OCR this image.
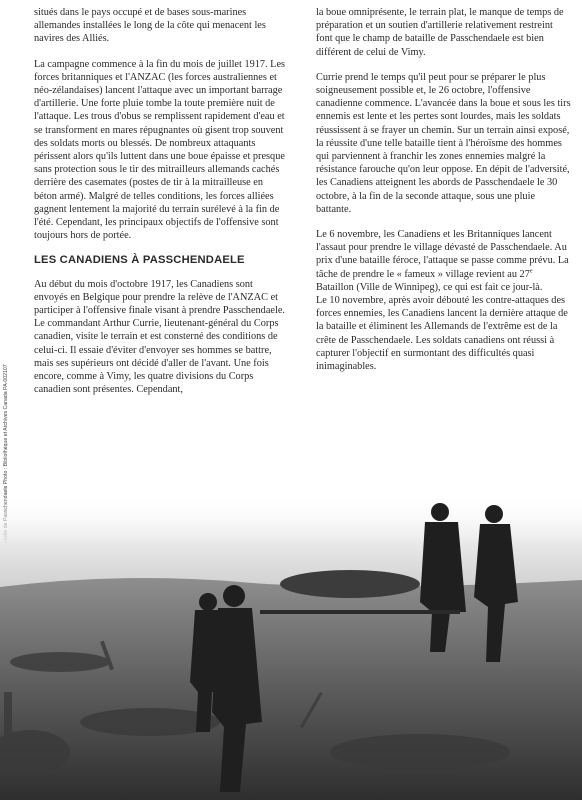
situés dans le pays occupé et de bases sous-marines allemandes installées le long de la côte qui menacent les navires des Alliés.

La campagne commence à la fin du mois de juillet 1917. Les forces britanniques et l'ANZAC (les forces australiennes et néo-zélandaises) lancent l'attaque avec un important barrage d'artillerie. Une forte pluie tombe la toute première nuit de l'attaque. Les trous d'obus se remplissent rapidement d'eau et se transforment en mares répugnantes où gisent trop souvent des soldats morts ou blessés. De nombreux attaquants périssent alors qu'ils luttent dans une boue épaisse et presque sans protection sous le tir des mitrailleurs allemands cachés derrière des casemates (postes de tir à la mitrailleuse en béton armé). Malgré de telles conditions, les forces alliées gagnent lentement la majorité du terrain surélevé à la fin de l'été. Cependant, les principaux objectifs de l'offensive sont toujours hors de portée.

LES CANADIENS À PASSCHENDAELE

Au début du mois d'octobre 1917, les Canadiens sont envoyés en Belgique pour prendre la relève de l'ANZAC et participer à l'offensive finale visant à prendre Passchendaele. Le commandant Arthur Currie, lieutenant-général du Corps canadien, visite le terrain et est consterné des conditions de celui-ci. Il essaie d'éviter d'envoyer ses hommes se battre, mais ses supérieurs ont décidé d'aller de l'avant. Une fois encore, comme à Vimy, les quatre divisions du Corps canadien sont présentes. Cependant,

la boue omniprésente, le terrain plat, le manque de temps de préparation et un soutien d'artillerie relativement restreint font que le champ de bataille de Passchendaele est bien différent de celui de Vimy.

Currie prend le temps qu'il peut pour se préparer le plus soigneusement possible et, le 26 octobre, l'offensive canadienne commence. L'avancée dans la boue et sous les tirs ennemis est lente et les pertes sont lourdes, mais les soldats réussissent à se frayer un chemin. Sur un terrain ainsi exposé, la réussite d'une telle bataille tient à l'héroïsme des hommes qui parviennent à franchir les zones ennemies malgré la résistance farouche qu'on leur oppose. En dépit de l'adversité, les Canadiens atteignent les abords de Passchendaele le 30 octobre, à la fin de la seconde attaque, sous une pluie battante.

Le 6 novembre, les Canadiens et les Britanniques lancent l'assaut pour prendre le village dévasté de Passchendaele. Au prix d'une bataille féroce, l'attaque se passe comme prévu. La tâche de prendre le « fameux » village revient au 27e Bataillon (Ville de Winnipeg), ce qui est fait ce jour-là.

Le 10 novembre, après avoir débouté les contre-attaques des forces ennemies, les Canadiens lancent la dernière attaque de la bataille et éliminent les Allemands de l'extrême est de la crête de Passchendaele. Les soldats canadiens ont réussi à capturer l'objectif en surmontant des difficultés quasi inimaginables.
